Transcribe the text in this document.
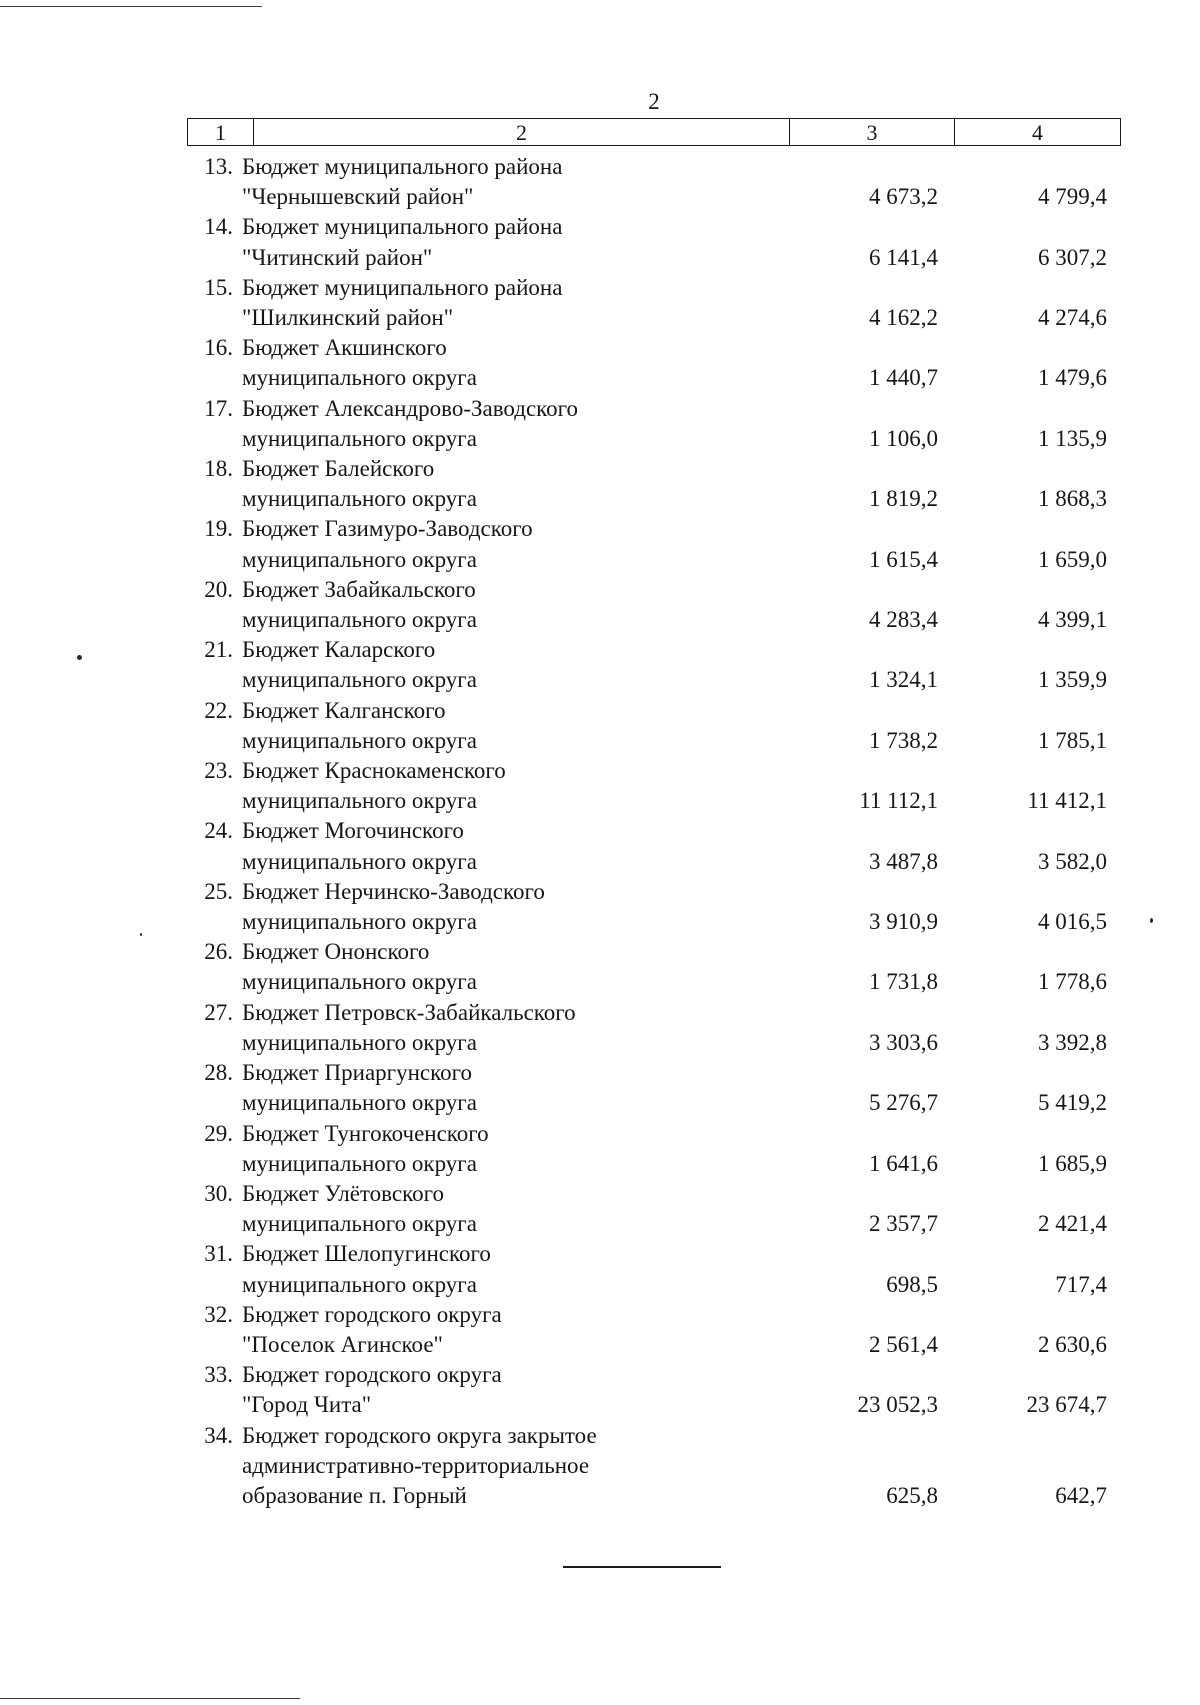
2
1	2	3	4
13. Бюджет муниципального района
"Чернышевский район"	4 673,2	4 799,4
14. Бюджет муниципального района
"Читинский район"	6 141,4	6 307,2
15. Бюджет муниципального района
"Шилкинский район"	4 162,2	4 274,6
16. Бюджет Акшинского
муниципального округа	1 440,7	1 479,6
17. Бюджет Александрово-Заводского
муниципального округа	1 106,0	1 135,9
18. Бюджет Балейского
муниципального округа	1 819,2	1 868,3
19. Бюджет Газимуро-Заводского
муниципального округа	1 615,4	1 659,0
20. Бюджет Забайкальского
муниципального округа	4 283,4	4 399,1
21. Бюджет Каларского
муниципального округа	1 324,1	1 359,9
22. Бюджет Калганского
муниципального округа	1 738,2	1 785,1
23. Бюджет Краснокаменского
муниципального округа	11 112,1	11 412,1
24. Бюджет Могочинского
муниципального округа	3 487,8	3 582,0
25. Бюджет Нерчинско-Заводского
муниципального округа	3 910,9	4 016,5
26. Бюджет Ононского
муниципального округа	1 731,8	1 778,6
27. Бюджет Петровск-Забайкальского
муниципального округа	3 303,6	3 392,8
28. Бюджет Приаргунского
муниципального округа	5 276,7	5 419,2
29. Бюджет Тунгокоченского
муниципального округа	1 641,6	1 685,9
30. Бюджет Улётовского
муниципального округа	2 357,7	2 421,4
31. Бюджет Шелопугинского
муниципального округа	698,5	717,4
32. Бюджет городского округа
"Поселок Агинское"	2 561,4	2 630,6
33. Бюджет городского округа
"Город Чита"	23 052,3	23 674,7
34. Бюджет городского округа закрытое
административно-территориальное
образование п. Горный	625,8	642,7
